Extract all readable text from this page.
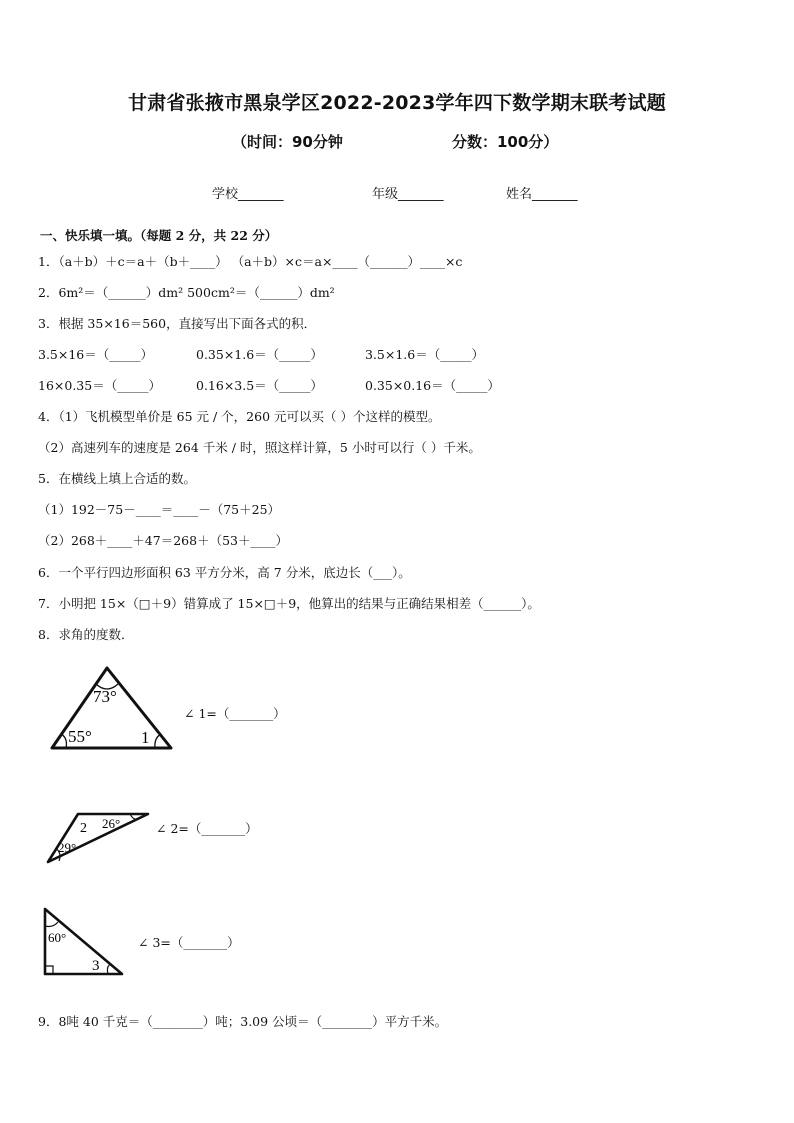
甘肃省张掖市黑泉学区2022-2023学年四下数学期末联考试题
（时间：90分钟	分数：100分）
学校_______	年级_______	姓名_______
一、快乐填一填。（每题 2 分，共 22 分）
1．（a＋b）＋c＝a＋（b＋____） （a＋b）×c＝a×____（______）____×c
2．6m²＝（______）dm² 500cm²＝（______）dm²
3．根据 35×16＝560，直接写出下面各式的积．
3.5×16＝（_____）	0.35×1.6＝（_____）	3.5×1.6＝（_____）
16×0.35＝（_____）	0.16×3.5＝（_____）	0.35×0.16＝（_____）
4．（1）飞机模型单价是 65 元 / 个，260 元可以买（ ）个这样的模型。
（2）高速列车的速度是 264 千米 / 时，照这样计算，5 小时可以行（ ）千米。
5．在横线上填上合适的数。
（1）192－75－____＝____－（75＋25）
（2）268＋____＋47＝268＋（53＋____）
6．一个平行四边形面积 63 平方分米，高 7 分米，底边长（___）。
7．小明把 15×（□＋9）错算成了 15×□＋9，他算出的结果与正确结果相差（______）。
8．求角的度数．
73°
55°	1
∠ 1=（_______）
2 26°
29°
∠ 2=（_______）
60°
3
∠ 3=（_______）
9．8吨 40 千克＝（________）吨；3.09 公顷＝（________）平方千米。
